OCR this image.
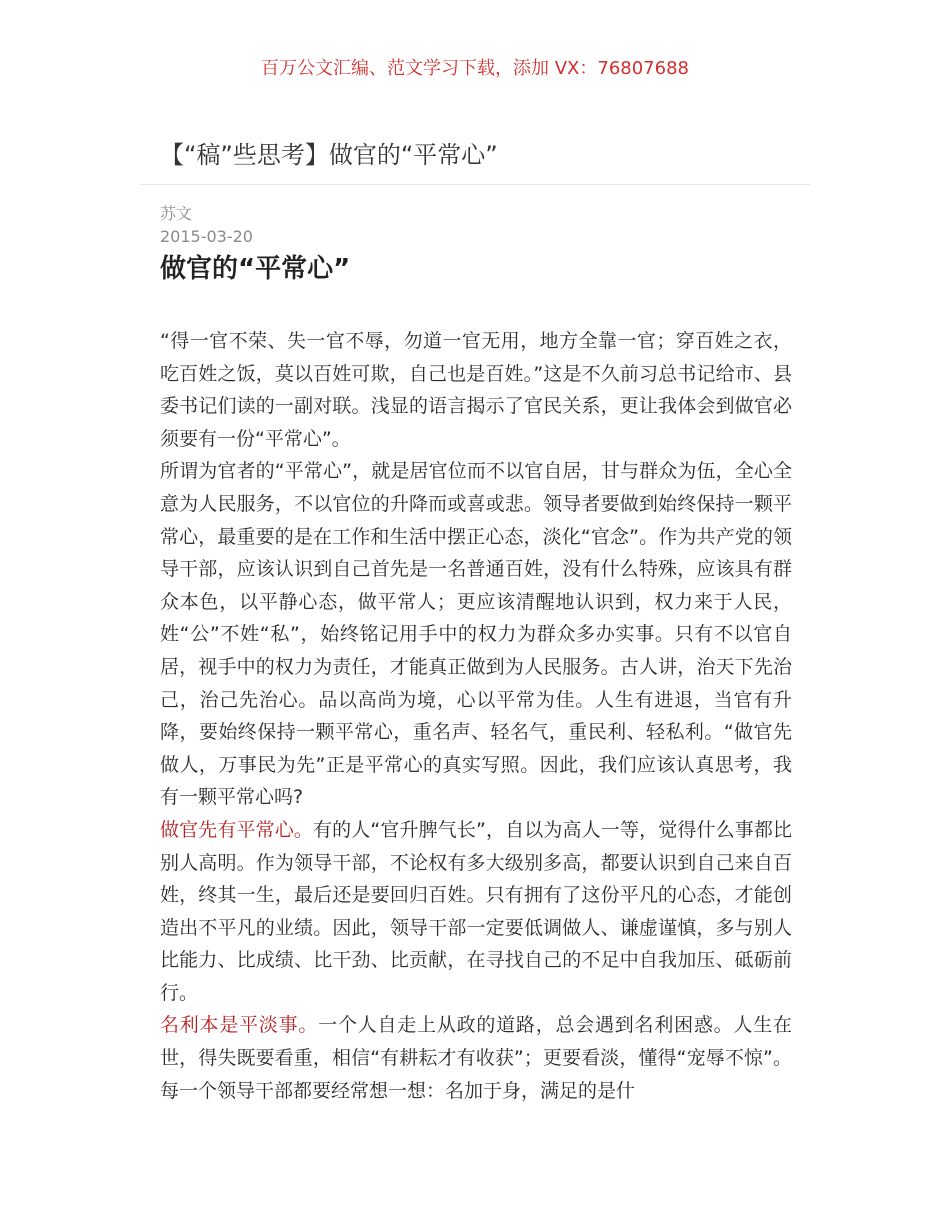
百万公文汇编、范文学习下载，添加 VX：76807688
【“稿”些思考】做官的“平常心”
苏文
2015-03-20
做官的“平常心”

“得一官不荣、失一官不辱，勿道一官无用，地方全靠一官；穿百姓之衣，吃百姓之饭，莫以百姓可欺，自己也是百姓。”这是不久前习总书记给市、县委书记们读的一副对联。浅显的语言揭示了官民关系，更让我体会到做官必须要有一份“平常心”。

所谓为官者的“平常心”，就是居官位而不以官自居，甘与群众为伍，全心全意为人民服务，不以官位的升降而或喜或悲。领导者要做到始终保持一颗平常心，最重要的是在工作和生活中摆正心态，淡化“官念”。作为共产党的领导干部，应该认识到自己首先是一名普通百姓，没有什么特殊，应该具有群众本色，以平静心态，做平常人；更应该清醒地认识到，权力来于人民，姓“公”不姓“私”，始终铭记用手中的权力为群众多办实事。只有不以官自居，视手中的权力为责任，才能真正做到为人民服务。古人讲，治天下先治己，治己先治心。品以高尚为境，心以平常为佳。人生有进退，当官有升降，要始终保持一颗平常心，重名声、轻名气，重民利、轻私利。“做官先做人，万事民为先”正是平常心的真实写照。因此，我们应该认真思考，我有一颗平常心吗?

做官先有平常心。有的人“官升脾气长”，自以为高人一等，觉得什么事都比别人高明。作为领导干部，不论权有多大级别多高，都要认识到自己来自百姓，终其一生，最后还是要回归百姓。只有拥有了这份平凡的心态，才能创造出不平凡的业绩。因此，领导干部一定要低调做人、谦虚谨慎，多与别人比能力、比成绩、比干劲、比贡献，在寻找自己的不足中自我加压、砥砺前行。

名利本是平淡事。一个人自走上从政的道路，总会遇到名利困惑。人生在世，得失既要看重，相信“有耕耘才有收获”；更要看淡，懂得“宠辱不惊”。每一个领导干部都要经常想一想：名加于身，满足的是什
